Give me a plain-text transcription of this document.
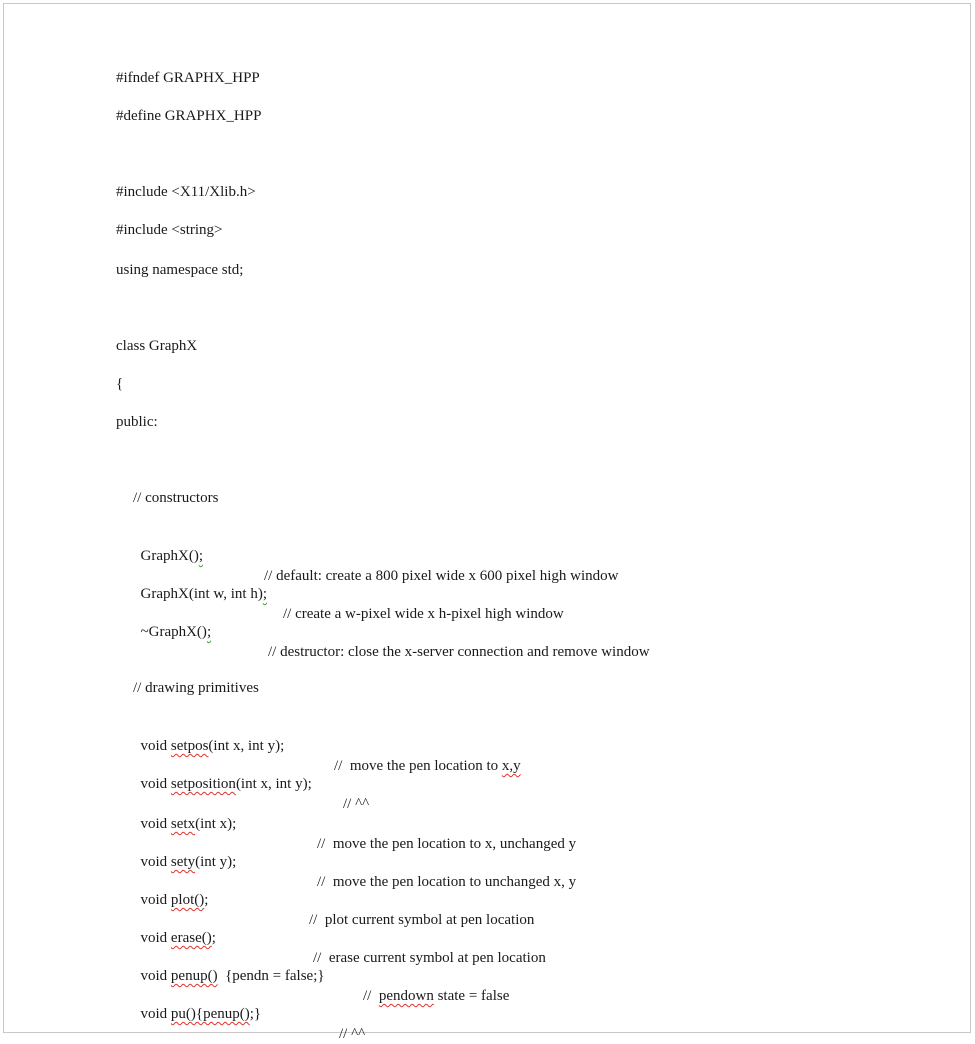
#ifndef GRAPHX_HPP
#define GRAPHX_HPP
#include <X11/Xlib.h>
#include <string>
using namespace std;
class GraphX
{
public:
// constructors

GraphX();

// default: create a 800 pixel wide x 600 pixel high window

GraphX(int w, int h);

// create a w-pixel wide x h-pixel high window

~GraphX();

// destructor: close the x-server connection and remove window

// drawing primitives

void setpos(int x, int y);

//  move the pen location to x,y

void setposition(int x, int y);

// ^^

void setx(int x);

//  move the pen location to x, unchanged y

void sety(int y);

//  move the pen location to unchanged x, y

void plot();

//  plot current symbol at pen location

void erase();

//  erase current symbol at pen location

void penup()  {pendn = false;}

//  pendown state = false

void pu(){penup();}

// ^^
